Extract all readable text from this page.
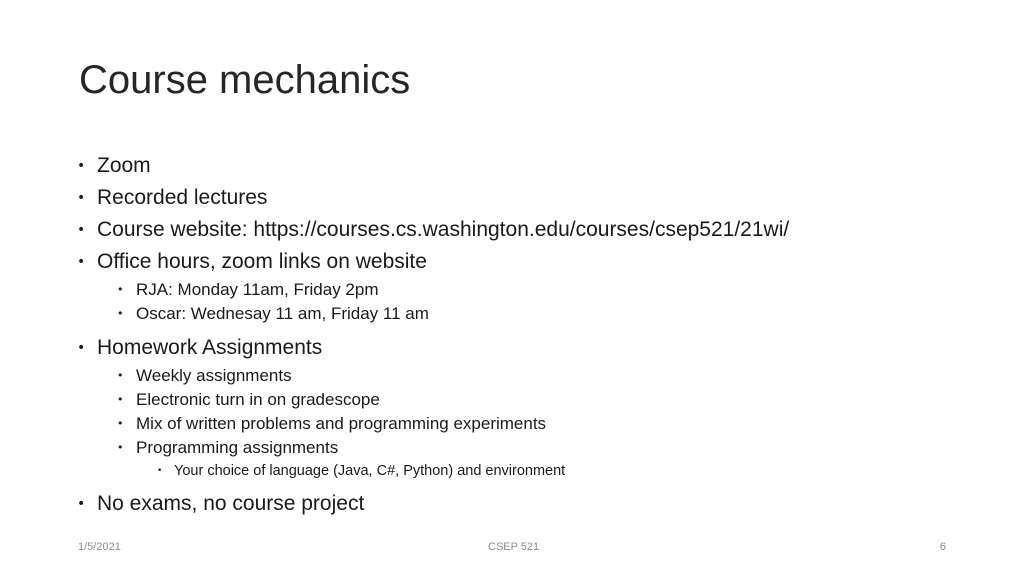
Course mechanics
• Zoom
• Recorded lectures
• Course website: https://courses.cs.washington.edu/courses/csep521/21wi/
• Office hours, zoom links on website
• RJA: Monday 11am, Friday 2pm
• Oscar: Wednesay 11 am, Friday 11 am
• Homework Assignments
• Weekly assignments
• Electronic turn in on gradescope
• Mix of written problems and programming experiments
• Programming assignments
• Your choice of language (Java, C#, Python) and environment
• No exams, no course project
1/5/2021	CSEP 521	6
